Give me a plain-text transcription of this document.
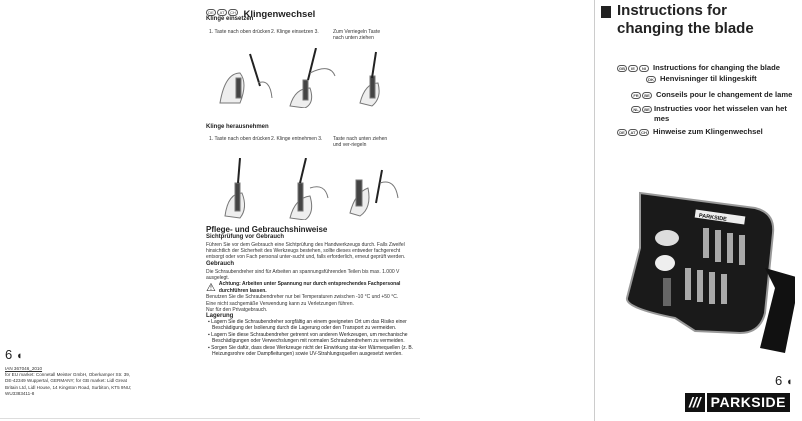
6 ◖
IAN 367046_2010
for EU market: Connetall Meister GmbH, Oberkamper Str. 39, DE-42349 Wuppertal, GERMANY; for GB market: Lidl Great Britain Ltd, Lidl House, 14 Kingston Road, Surbiton, KT5 9NU; WU3383411-8
DE AT CH Klingenwechsel
Klinge einsetzen
1. Taste nach oben drücken 2. Klinge einsetzen 3.	Zum Verriegeln Taste nach unten ziehen
Klinge herausnehmen
1. Taste nach oben drücken 2. Klinge entnehmen 3.	Taste nach unten ziehen und ver-riegeln
Pflege- und Gebrauchshinweise
Sichtprüfung vor Gebrauch
Führen Sie vor dem Gebrauch eine Sichtprüfung des Handwerkzeugs durch. Falls Zweifel hinsichtlich der Sicherheit des Werkzeugs bestehen, sollte dieses entweder fachgerecht entsorgt oder von Fach personal unter-sucht und, falls erforderlich, erneut geprüft werden.
Gebrauch
Die Schraubendreher sind für Arbeiten an spannungsführenden Teilen bis max. 1.000 V ausgelegt.
⚠ Achtung: Arbeiten unter Spannung nur durch entsprechendes Fachpersonal durchführen lassen.
Benutzen Sie die Schraubendreher nur bei Temperaturen zwischen -10 °C und +50 °C.
Eine nicht sachgemäße Verwendung kann zu Verletzungen führen.
Nur für den Privatgebrauch.
Lagerung
▪ Lagern Sie die Schraubendreher sorgfältig an einem geeigneten Ort um das Risiko einer Beschädigung der Isolierung durch die Lagerung oder den Transport zu vermeiden.
▪ Lagern Sie diese Schraubendreher getrennt von anderen Werkzeugen, um mechanische Beschädigungen oder Verwechslungen mit normalen Schraubendrehern zu vermeiden.
▪ Sorgen Sie dafür, dass diese Werkzeuge nicht der Einwirkung star-ker Wärmequellen (z. B. Heizungsrohre oder Dampfleitungen) sowie UV-Strahlungsquellen ausgesetzt werden.
Instructions for changing the blade
GB IE NI Instructions for changing the blade
DK Henvisninger til klingeskift
FR BE Conseils pour le changement de lame
NL BE Instructies voor het wisselen van het mes
DE AT CH Hinweise zum Klingenwechsel
PARKSIDE
6 ◖
/// PARKSIDE
